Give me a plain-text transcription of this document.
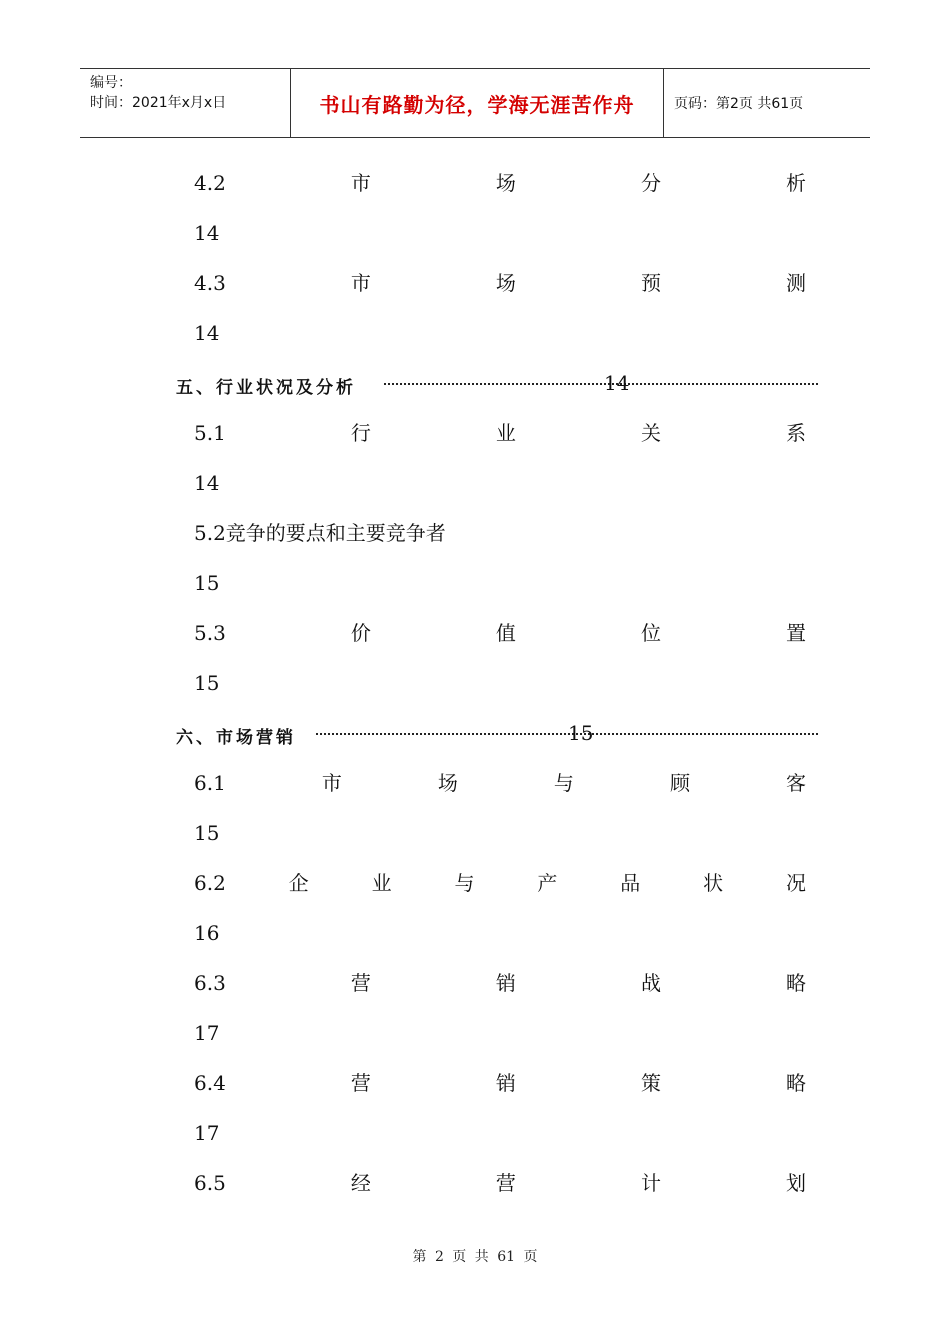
编号：
时间：2021年x月x日	书山有路勤为径，学海无涯苦作舟	页码：第2页 共61页
4.2	市	场	分	析
14
4.3	市	场	预	测
14
五、行业状况及分析	14
5.1	行	业	关	系
14
5.2竞争的要点和主要竞争者
15
5.3	价	值	位	置
15
六、市场营销	15
6.1	市	场	与	顾	客
15
6.2	企	业	与	产	品	状	况
16
6.3	营	销	战	略
17
6.4	营	销	策	略
17
6.5	经	营	计	划
第 2 页 共 61 页
